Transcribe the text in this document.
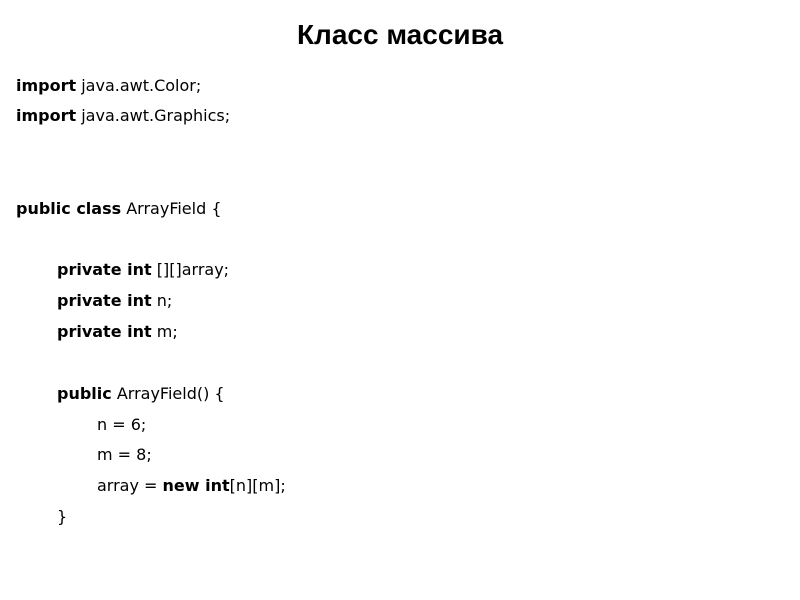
Класс массива
import java.awt.Color;
import java.awt.Graphics;
public class ArrayField {
private int [][]array;
private int n;
private int m;
public ArrayField() {
n = 6;
m = 8;
array = new int[n][m];
}
